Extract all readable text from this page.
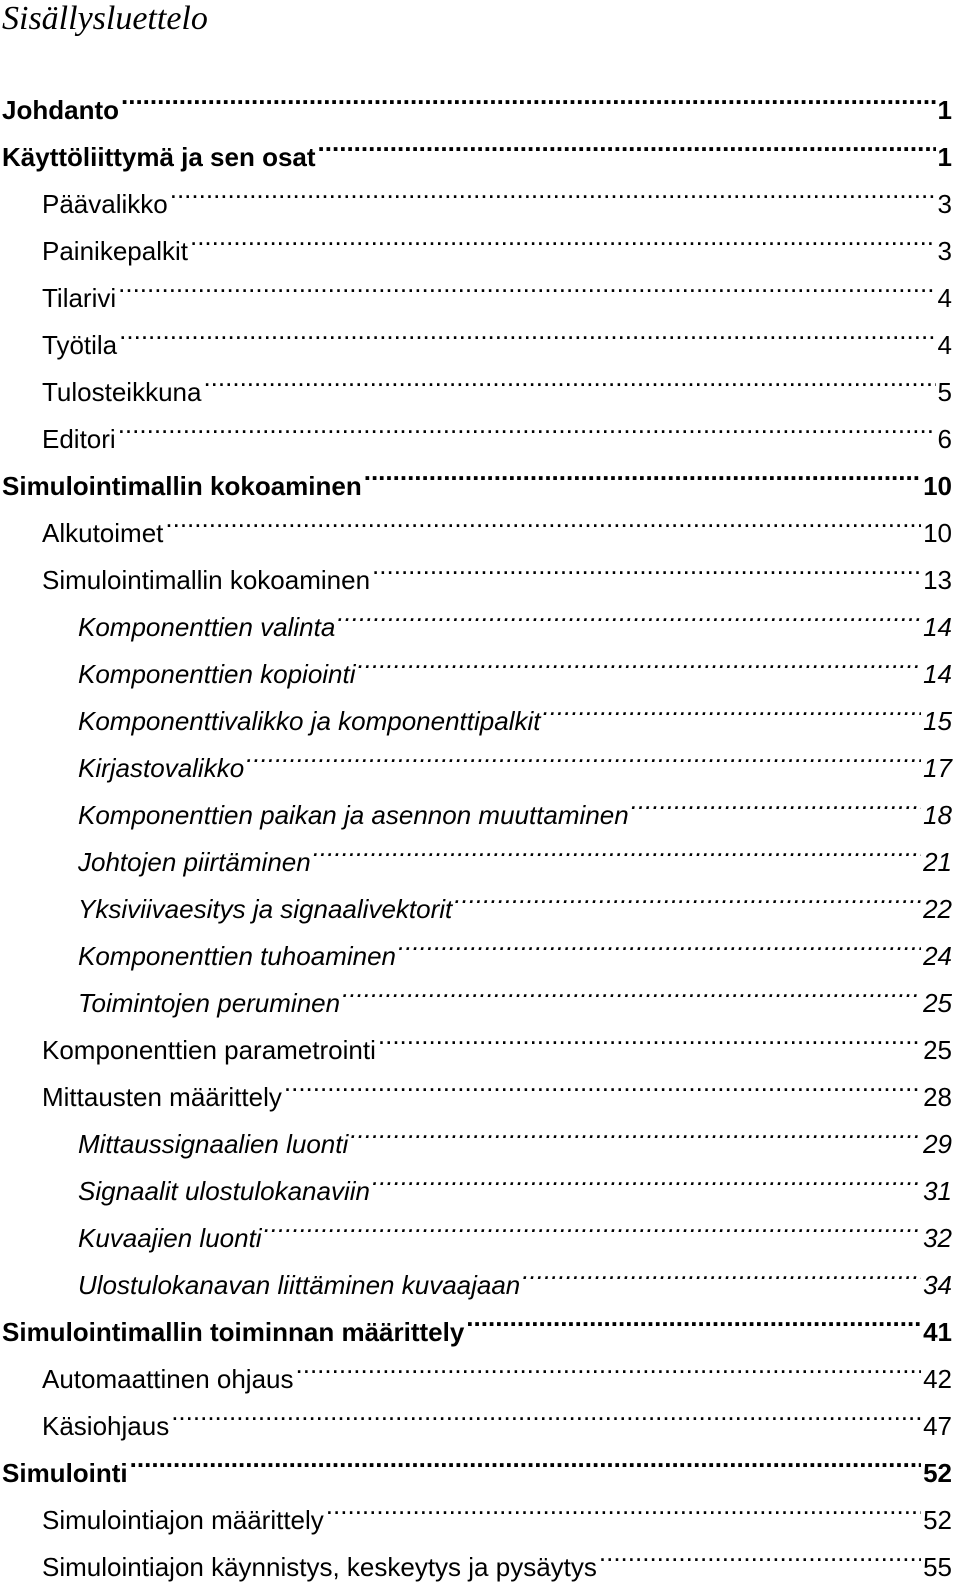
Sisällysluettelo
Johdanto .....	1
Käyttöliittymä ja sen osat .....	1
Päävalikko .....	3
Painikepalkit .....	3
Tilarivi .....	4
Työtila .....	4
Tulosteikkuna .....	5
Editori .....	6
Simulointimallin kokoaminen .....	10
Alkutoimet .....	10
Simulointimallin kokoaminen .....	13
Komponenttien valinta .....	14
Komponenttien kopiointi .....	14
Komponenttivalikko ja komponenttipalkit .....	15
Kirjastovalikko .....	17
Komponenttien paikan ja asennon muuttaminen .....	18
Johtojen piirtäminen .....	21
Yksiviivaesitys ja signaalivektorit .....	22
Komponenttien tuhoaminen .....	24
Toimintojen peruminen .....	25
Komponenttien parametrointi .....	25
Mittausten määrittely .....	28
Mittaussignaalien luonti .....	29
Signaalit ulostulokanaviin .....	31
Kuvaajien luonti .....	32
Ulostulokanavan liittäminen kuvaajaan .....	34
Simulointimallin toiminnan määrittely .....	41
Automaattinen ohjaus .....	42
Käsiohjaus .....	47
Simulointi .....	52
Simulointiajon määrittely .....	52
Simulointiajon käynnistys, keskeytys ja pysäytys .....	55
